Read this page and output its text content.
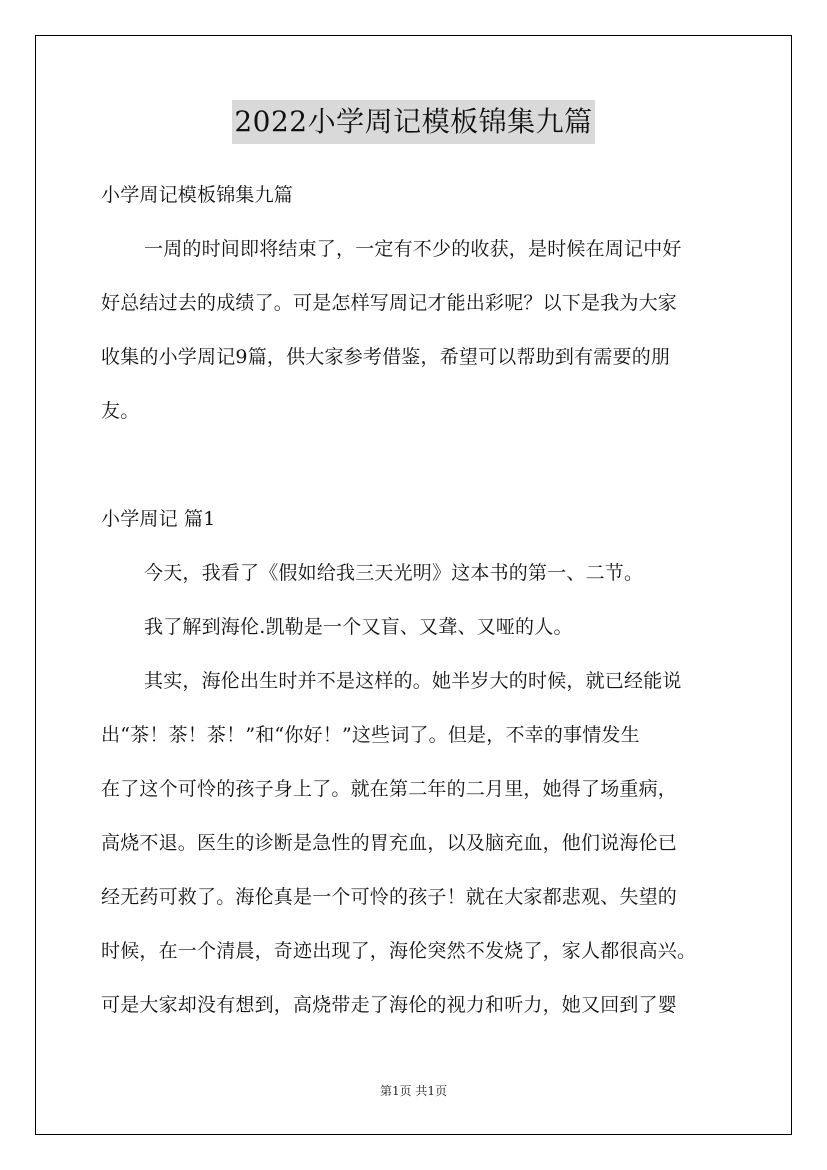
2022小学周记模板锦集九篇
小学周记模板锦集九篇
一周的时间即将结束了，一定有不少的收获，是时候在周记中好
好总结过去的成绩了。可是怎样写周记才能出彩呢？以下是我为大家
收集的小学周记9篇，供大家参考借鉴，希望可以帮助到有需要的朋
友。
小学周记 篇1
今天，我看了《假如给我三天光明》这本书的第一、二节。
我了解到海伦.凯勒是一个又盲、又聋、又哑的人。
其实，海伦出生时并不是这样的。她半岁大的时候，就已经能说
出“茶！茶！茶！”和“你好！”这些词了。但是，不幸的事情发生
在了这个可怜的孩子身上了。就在第二年的二月里，她得了场重病，
高烧不退。医生的诊断是急性的胃充血，以及脑充血，他们说海伦已
经无药可救了。海伦真是一个可怜的孩子！就在大家都悲观、失望的
时候，在一个清晨，奇迹出现了，海伦突然不发烧了，家人都很高兴。
可是大家却没有想到，高烧带走了海伦的视力和听力，她又回到了婴
第1页 共1页
